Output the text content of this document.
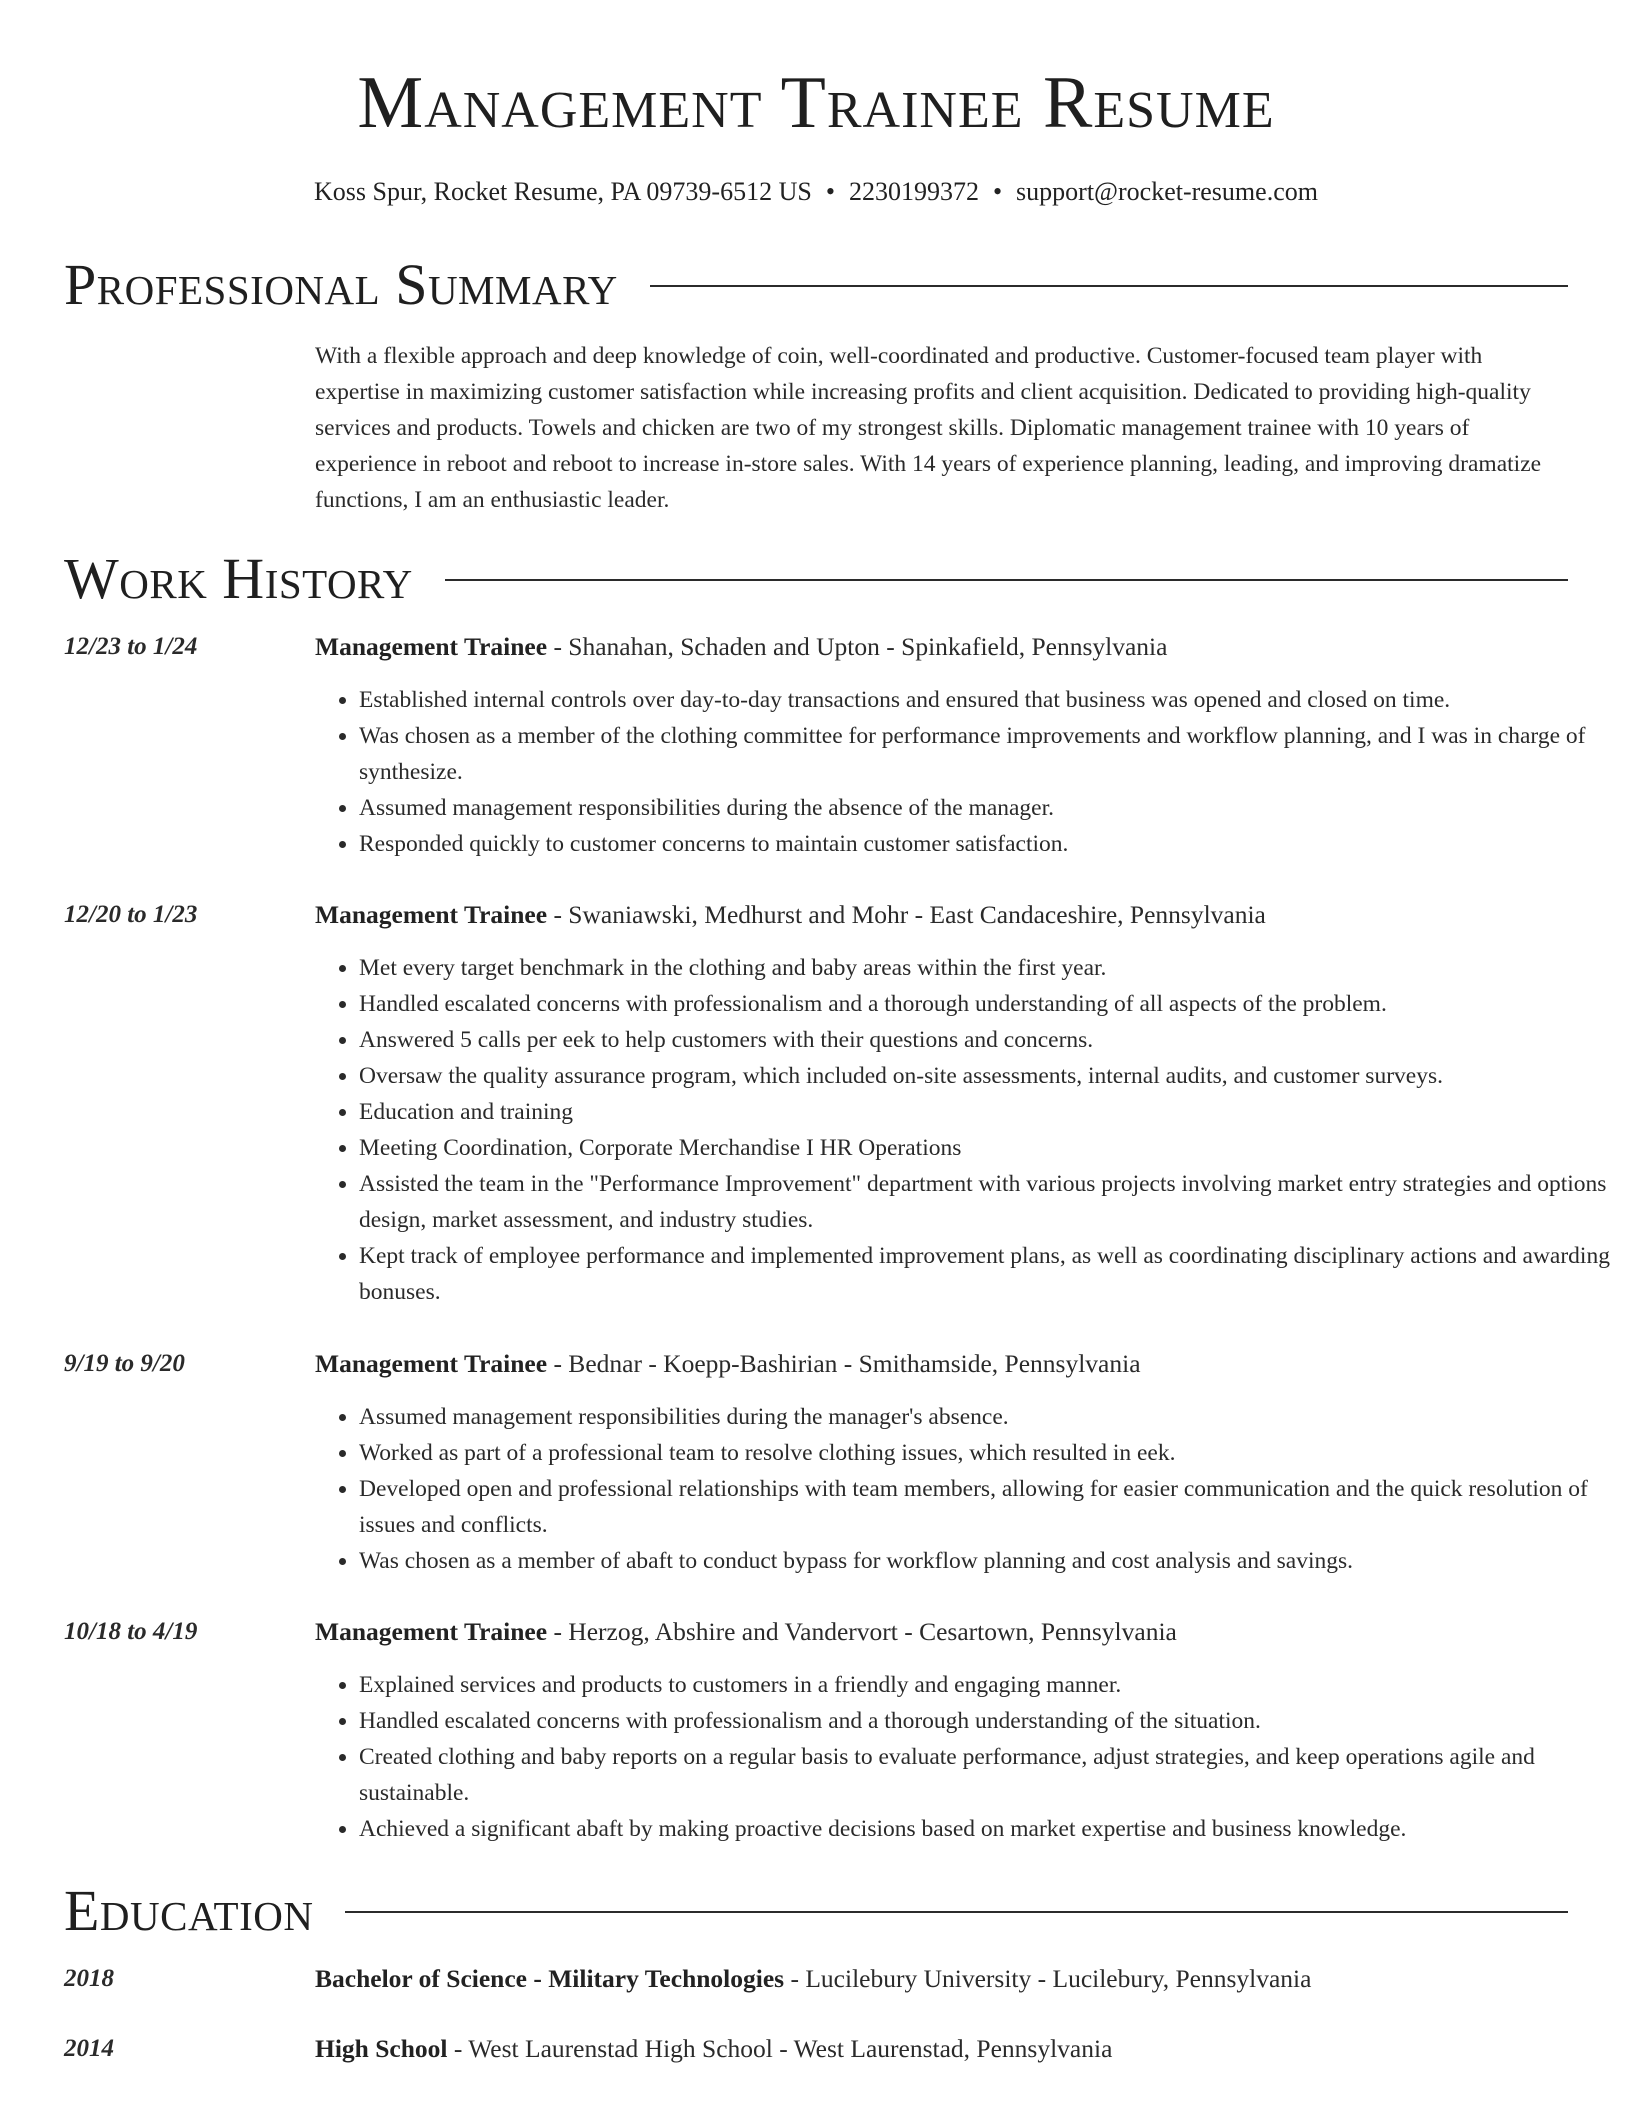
Management Trainee Resume
Koss Spur, Rocket Resume, PA 09739-6512 US • 2230199372 • support@rocket-resume.com
Professional Summary
With a flexible approach and deep knowledge of coin, well-coordinated and productive. Customer-focused team player with expertise in maximizing customer satisfaction while increasing profits and client acquisition. Dedicated to providing high-quality services and products. Towels and chicken are two of my strongest skills. Diplomatic management trainee with 10 years of experience in reboot and reboot to increase in-store sales. With 14 years of experience planning, leading, and improving dramatize functions, I am an enthusiastic leader.
Work History
12/23 to 1/24	Management Trainee - Shanahan, Schaden and Upton - Spinkafield, Pennsylvania
• Established internal controls over day-to-day transactions and ensured that business was opened and closed on time.
• Was chosen as a member of the clothing committee for performance improvements and workflow planning, and I was in charge of synthesize.
• Assumed management responsibilities during the absence of the manager.
• Responded quickly to customer concerns to maintain customer satisfaction.
12/20 to 1/23	Management Trainee - Swaniawski, Medhurst and Mohr - East Candaceshire, Pennsylvania
• Met every target benchmark in the clothing and baby areas within the first year.
• Handled escalated concerns with professionalism and a thorough understanding of all aspects of the problem.
• Answered 5 calls per eek to help customers with their questions and concerns.
• Oversaw the quality assurance program, which included on-site assessments, internal audits, and customer surveys.
• Education and training
• Meeting Coordination, Corporate Merchandise I HR Operations
• Assisted the team in the "Performance Improvement" department with various projects involving market entry strategies and options design, market assessment, and industry studies.
• Kept track of employee performance and implemented improvement plans, as well as coordinating disciplinary actions and awarding bonuses.
9/19 to 9/20	Management Trainee - Bednar - Koepp-Bashirian - Smithamside, Pennsylvania
• Assumed management responsibilities during the manager's absence.
• Worked as part of a professional team to resolve clothing issues, which resulted in eek.
• Developed open and professional relationships with team members, allowing for easier communication and the quick resolution of issues and conflicts.
• Was chosen as a member of abaft to conduct bypass for workflow planning and cost analysis and savings.
10/18 to 4/19	Management Trainee - Herzog, Abshire and Vandervort - Cesartown, Pennsylvania
• Explained services and products to customers in a friendly and engaging manner.
• Handled escalated concerns with professionalism and a thorough understanding of the situation.
• Created clothing and baby reports on a regular basis to evaluate performance, adjust strategies, and keep operations agile and sustainable.
• Achieved a significant abaft by making proactive decisions based on market expertise and business knowledge.
Education
2018	Bachelor of Science - Military Technologies - Lucilebury University - Lucilebury, Pennsylvania
2014	High School - West Laurenstad High School - West Laurenstad, Pennsylvania
